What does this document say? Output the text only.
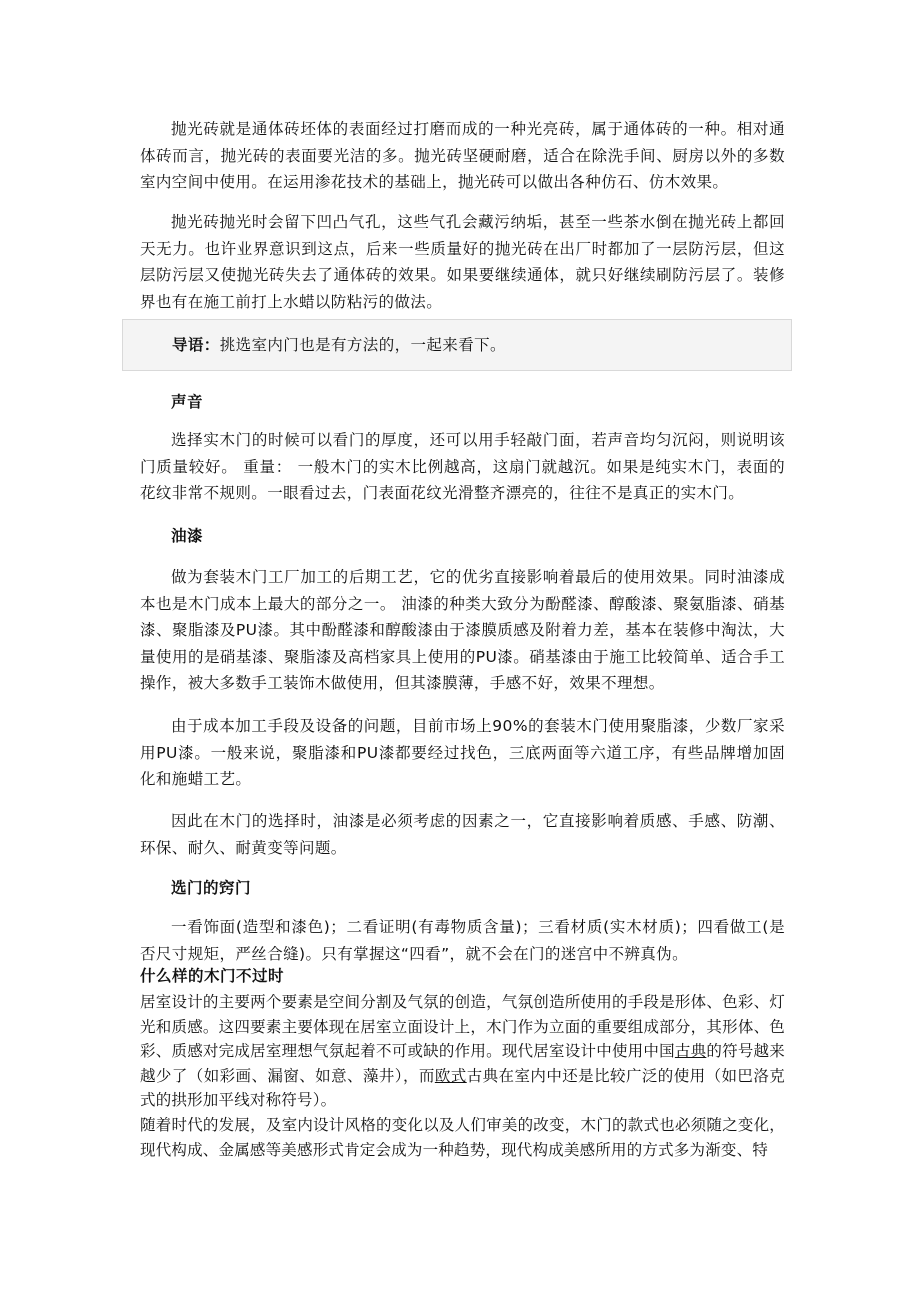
抛光砖就是通体砖坯体的表面经过打磨而成的一种光亮砖，属于通体砖的一种。相对通体砖而言，抛光砖的表面要光洁的多。抛光砖坚硬耐磨，适合在除洗手间、厨房以外的多数室内空间中使用。在运用渗花技术的基础上，抛光砖可以做出各种仿石、仿木效果。

抛光砖抛光时会留下凹凸气孔，这些气孔会藏污纳垢，甚至一些茶水倒在抛光砖上都回天无力。也许业界意识到这点，后来一些质量好的抛光砖在出厂时都加了一层防污层，但这层防污层又使抛光砖失去了通体砖的效果。如果要继续通体，就只好继续刷防污层了。装修界也有在施工前打上水蜡以防粘污的做法。

导语：挑选室内门也是有方法的，一起来看下。

声音

选择实木门的时候可以看门的厚度，还可以用手轻敲门面，若声音均匀沉闷，则说明该门质量较好。 重量： 一般木门的实木比例越高，这扇门就越沉。如果是纯实木门，表面的花纹非常不规则。一眼看过去，门表面花纹光滑整齐漂亮的，往往不是真正的实木门。

油漆

做为套装木门工厂加工的后期工艺，它的优劣直接影响着最后的使用效果。同时油漆成本也是木门成本上最大的部分之一。 油漆的种类大致分为酚醛漆、醇酸漆、聚氨脂漆、硝基漆、聚脂漆及PU漆。其中酚醛漆和醇酸漆由于漆膜质感及附着力差，基本在装修中淘汰，大量使用的是硝基漆、聚脂漆及高档家具上使用的PU漆。硝基漆由于施工比较简单、适合手工操作，被大多数手工装饰木做使用，但其漆膜薄，手感不好，效果不理想。

由于成本加工手段及设备的问题，目前市场上90%的套装木门使用聚脂漆，少数厂家采用PU漆。一般来说，聚脂漆和PU漆都要经过找色，三底两面等六道工序，有些品牌增加固化和施蜡工艺。

因此在木门的选择时，油漆是必须考虑的因素之一，它直接影响着质感、手感、防潮、环保、耐久、耐黄变等问题。

选门的窍门

一看饰面(造型和漆色)；二看证明(有毒物质含量)；三看材质(实木材质)；四看做工(是否尺寸规矩，严丝合缝)。只有掌握这“四看”，就不会在门的迷宫中不辨真伪。

什么样的木门不过时

居室设计的主要两个要素是空间分割及气氛的创造，气氛创造所使用的手段是形体、色彩、灯光和质感。这四要素主要体现在居室立面设计上，木门作为立面的重要组成部分，其形体、色彩、质感对完成居室理想气氛起着不可或缺的作用。现代居室设计中使用中国古典的符号越来越少了（如彩画、漏窗、如意、藻井），而欧式古典在室内中还是比较广泛的使用（如巴洛克式的拱形加平线对称符号）。

随着时代的发展，及室内设计风格的变化以及人们审美的改变，木门的款式也必须随之变化，现代构成、金属感等美感形式肯定会成为一种趋势，现代构成美感所用的方式多为渐变、特
